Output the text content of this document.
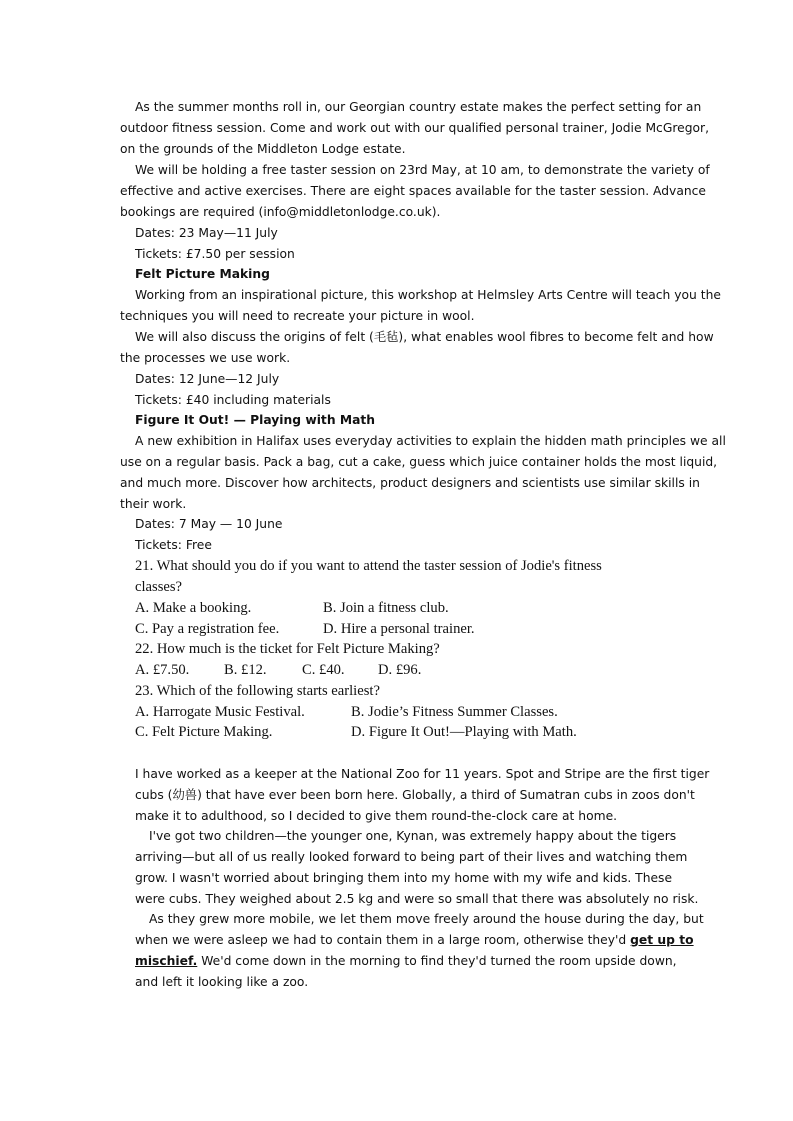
As the summer months roll in, our Georgian country estate makes the perfect setting for an
outdoor fitness session. Come and work out with our qualified personal trainer, Jodie McGregor,
on the grounds of the Middleton Lodge estate.
We will be holding a free taster session on 23rd May, at 10 am, to demonstrate the variety of
effective and active exercises. There are eight spaces available for the taster session. Advance
bookings are required (info@middletonlodge.co.uk).
Dates: 23 May—11 July
Tickets: £7.50 per session
Felt Picture Making
Working from an inspirational picture, this workshop at Helmsley Arts Centre will teach you the
techniques you will need to recreate your picture in wool.
We will also discuss the origins of felt (毛毡), what enables wool fibres to become felt and how
the processes we use work.
Dates: 12 June—12 July
Tickets: £40 including materials
Figure It Out! — Playing with Math
A new exhibition in Halifax uses everyday activities to explain the hidden math principles we all
use on a regular basis. Pack a bag, cut a cake, guess which juice container holds the most liquid,
and much more. Discover how architects, product designers and scientists use similar skills in
their work.
Dates: 7 May — 10 June
Tickets: Free
21. What should you do if you want to attend the taster session of Jodie's fitness
classes?
A. Make a booking.	B. Join a fitness club.
C. Pay a registration fee.	D. Hire a personal trainer.
22. How much is the ticket for Felt Picture Making?
A. £7.50. B. £12. C. £40. D. £96.
23. Which of the following starts earliest?
A. Harrogate Music Festival.	B. Jodie’s Fitness Summer Classes.
C. Felt Picture Making.	D. Figure It Out!—Playing with Math.
I have worked as a keeper at the National Zoo for 11 years. Spot and Stripe are the first tiger
cubs (幼兽) that have ever been born here. Globally, a third of Sumatran cubs in zoos don't
make it to adulthood, so I decided to give them round-the-clock care at home.
I've got two children—the younger one, Kynan, was extremely happy about the tigers
arriving—but all of us really looked forward to being part of their lives and watching them
grow. I wasn't worried about bringing them into my home with my wife and kids. These
were cubs. They weighed about 2.5 kg and were so small that there was absolutely no risk.
As they grew more mobile, we let them move freely around the house during the day, but
when we were asleep we had to contain them in a large room, otherwise they'd get up to
mischief. We'd come down in the morning to find they'd turned the room upside down,
and left it looking like a zoo.
